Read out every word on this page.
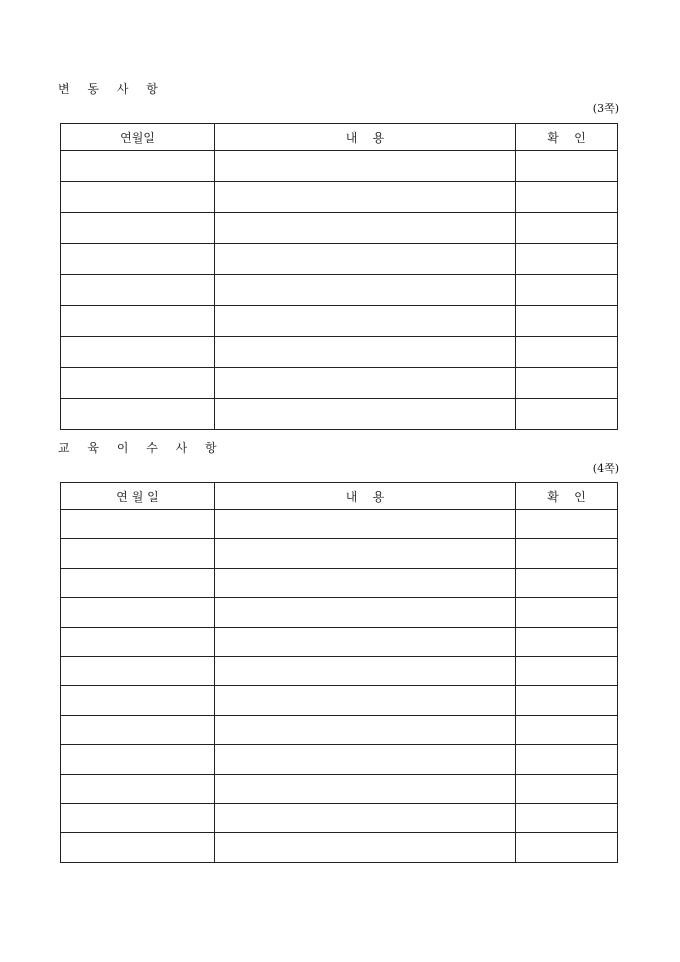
변 동 사 항
(3쪽)
연월일	내    용	확    인

교 육 이 수 사 항
(4쪽)
연 월 일	내    용	확    인
